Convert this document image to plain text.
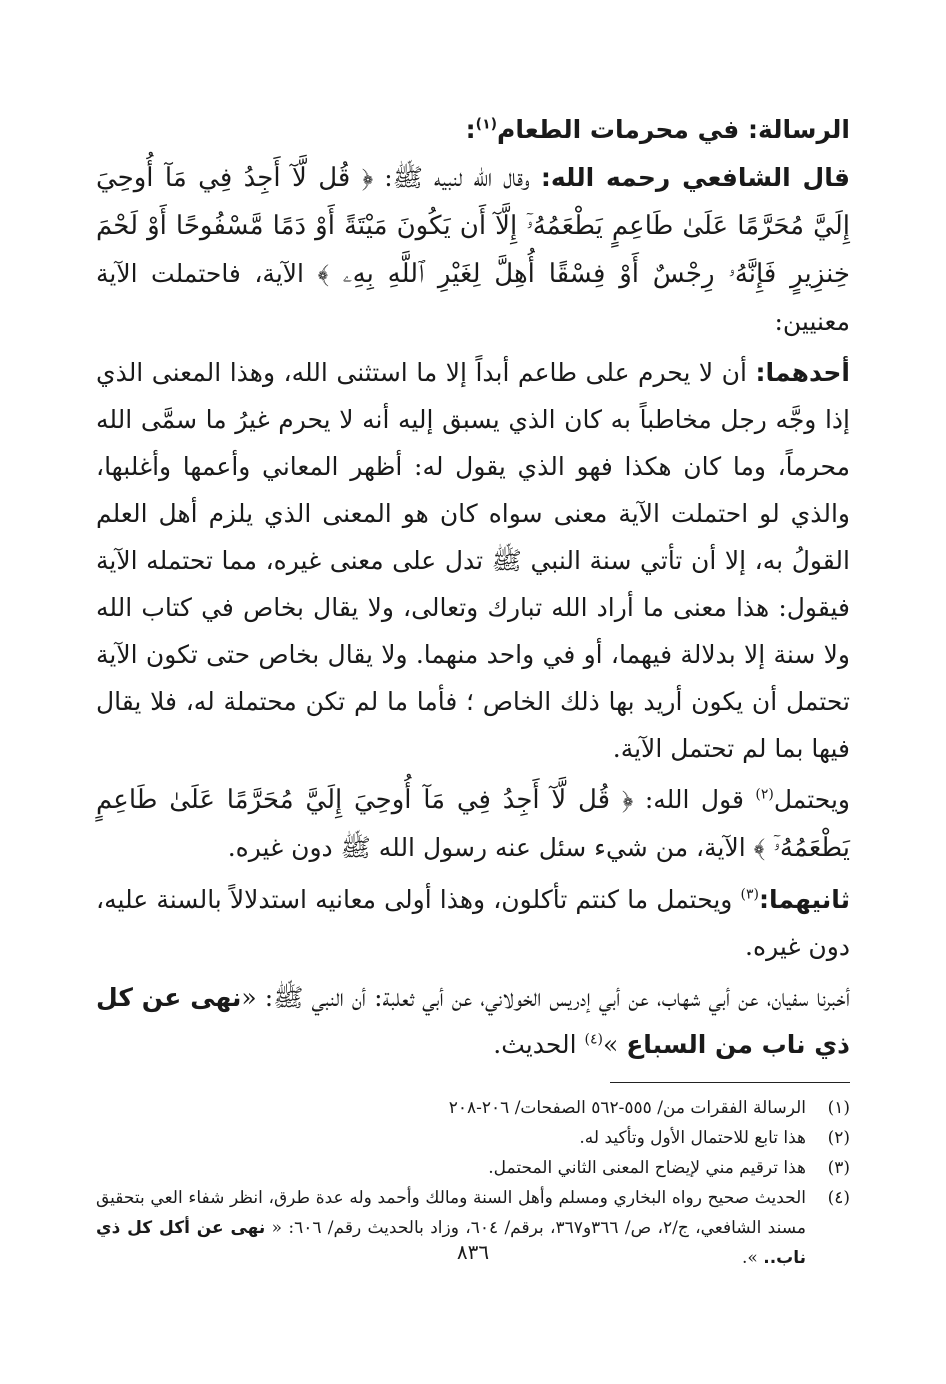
الرسالة: في محرمات الطعام$^{(١)}$:

قال الشافعي رحمه الله: وقال الله لنبيه ﷺ: ﴿ قُل لَّآ أَجِدُ فِي مَآ أُوحِيَ إِلَيَّ مُحَرَّمًا عَلَىٰ طَاعِمٍ يَطْعَمُهُۥٓ إِلَّآ أَن يَكُونَ مَيْتَةً أَوْ دَمًا مَّسْفُوحًا أَوْ لَحْمَ خِنزِيرٍ فَإِنَّهُۥ رِجْسٌ أَوْ فِسْقًا أُهِلَّ لِغَيْرِ ٱللَّهِ بِهِۦ ﴾ الآية، فاحتملت الآية معنيين:

أحدهما: أن لا يحرم على طاعم أبداً إلا ما استثنى الله، وهذا المعنى الذي إذا وجَّه رجل مخاطباً به كان الذي يسبق إليه أنه لا يحرم غيرُ ما سمَّى الله محرماً، وما كان هكذا فهو الذي يقول له: أظهر المعاني وأعمها وأغلبها، والذي لو احتملت الآية معنى سواه كان هو المعنى الذي يلزم أهل العلم القولُ به، إلا أن تأتي سنة النبي ﷺ تدل على معنى غيره، مما تحتمله الآية فيقول: هذا معنى ما أراد الله تبارك وتعالى، ولا يقال بخاص في كتاب الله ولا سنة إلا بدلالة فيهما، أو في واحد منهما. ولا يقال بخاص حتى تكون الآية تحتمل أن يكون أريد بها ذلك الخاص ؛ فأما ما لم تكن محتملة له، فلا يقال فيها بما لم تحتمل الآية.

ويحتمل$^{(٢)}$ قول الله: ﴿ قُل لَّآ أَجِدُ فِي مَآ أُوحِيَ إِلَيَّ مُحَرَّمًا عَلَىٰ طَاعِمٍ يَطْعَمُهُۥٓ ﴾ الآية، من شيء سئل عنه رسول الله ﷺ دون غيره.

ثانيهما:$^{(٣)}$ ويحتمل ما كنتم تأكلون، وهذا أولى معانيه استدلالاً بالسنة عليه، دون غيره.

أخبرنا سفيان، عن أبي شهاب، عن أبي إدريس الخولاني، عن أبي ثعلبة: أن النبي ﷺ: «نهى عن كل ذي ناب من السباع »$^{(٤)}$ الحديث.

(١)
الرسالة الفقرات من/ ٥٥٥-٥٦٢ الصفحات/ ٢٠٦-٢٠٨
(٢)
هذا تابع للاحتمال الأول وتأكيد له.
(٣)
هذا ترقيم مني لإيضاح المعنى الثاني المحتمل.
(٤)
الحديث صحيح رواه البخاري ومسلم وأهل السنة ومالك وأحمد وله عدة طرق، انظر شفاء العي بتحقيق مسند الشافعي، ج/٢، ص/ ٣٦٦و٣٦٧، برقم/ ٦٠٤، وزاد بالحديث رقم/ ٦٠٦: « نهى عن أكل كل ذي ناب.. ».
٨٣٦
